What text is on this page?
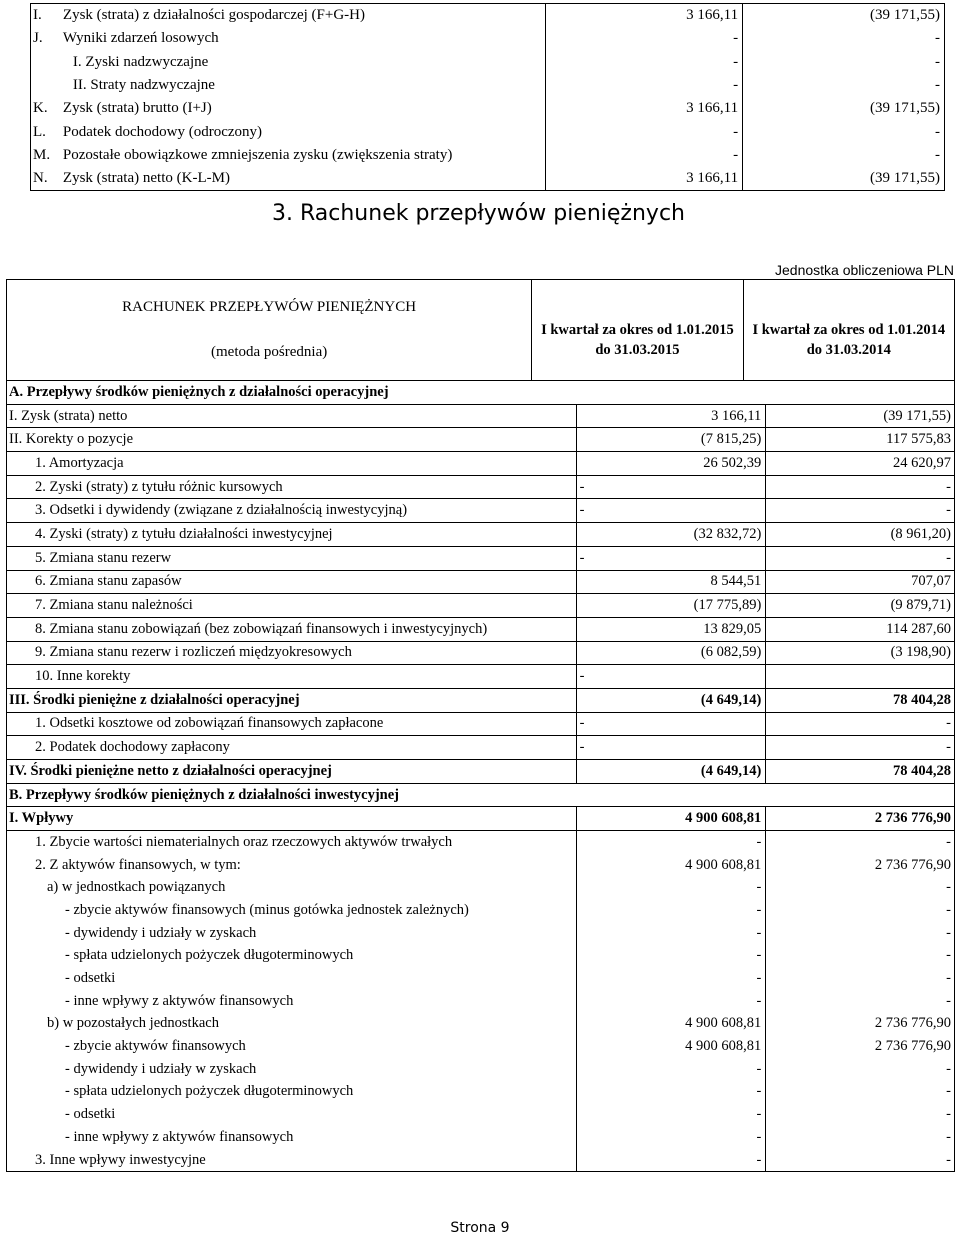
I.	Zysk (strata) z działalności gospodarczej (F+G-H)	3 166,11	(39 171,55)
J.	Wyniki zdarzeń losowych	-	-
	I. Zyski nadzwyczajne	-	-
	II. Straty nadzwyczajne	-	-
K.	Zysk (strata) brutto (I+J)	3 166,11	(39 171,55)
L.	Podatek dochodowy (odroczony)	-	-
M.	Pozostałe obowiązkowe zmniejszenia zysku (zwiększenia straty)	-	-
N.	Zysk (strata) netto (K-L-M)	3 166,11	(39 171,55)
3. Rachunek przepływów pieniężnych
Jednostka obliczeniowa PLN
RACHUNEK PRZEPŁYWÓW PIENIĘŻNYCH
(metoda pośrednia)

I kwartał za okres od 1.01.2015
do 31.03.2015

I kwartał za okres od 1.01.2014
do 31.03.2014
A. Przepływy środków pieniężnych z działalności operacyjnej		
I. Zysk (strata) netto	3 166,11	(39 171,55)
II. Korekty o pozycje	(7 815,25)	117 575,83
1. Amortyzacja	26 502,39	24 620,97
2. Zyski (straty) z tytułu różnic kursowych	-	-
3. Odsetki i dywidendy (związane z działalnością inwestycyjną)	-	-
4. Zyski (straty) z tytułu działalności inwestycyjnej	(32 832,72)	(8 961,20)
5. Zmiana stanu rezerw	-	-
6. Zmiana stanu zapasów	8 544,51	707,07
7. Zmiana stanu należności	(17 775,89)	(9 879,71)
8. Zmiana stanu zobowiązań (bez zobowiązań finansowych i inwestycyjnych)	13 829,05	114 287,60
9. Zmiana stanu rezerw i rozliczeń międzyokresowych	(6 082,59)	(3 198,90)
10. Inne korekty	-	
III. Środki pieniężne z działalności operacyjnej	(4 649,14)	78 404,28
1. Odsetki kosztowe od zobowiązań finansowych zapłacone	-	-
2. Podatek dochodowy zapłacony	-	-
IV. Środki pieniężne netto z działalności operacyjnej	(4 649,14)	78 404,28
B. Przepływy środków pieniężnych z działalności inwestycyjnej		
I. Wpływy	4 900 608,81	2 736 776,90
1. Zbycie wartości niematerialnych oraz rzeczowych aktywów trwałych	-	-
2. Z aktywów finansowych, w tym:	4 900 608,81	2 736 776,90
a) w jednostkach powiązanych	-	-
- zbycie aktywów finansowych (minus gotówka jednostek zależnych)	-	-
- dywidendy i udziały w zyskach	-	-
- spłata udzielonych pożyczek długoterminowych	-	-
- odsetki	-	-
- inne wpływy z aktywów finansowych	-	-
b) w pozostałych jednostkach	4 900 608,81	2 736 776,90
- zbycie aktywów finansowych	4 900 608,81	2 736 776,90
- dywidendy i udziały w zyskach	-	-
- spłata udzielonych pożyczek długoterminowych	-	-
- odsetki	-	-
- inne wpływy z aktywów finansowych	-	-
3. Inne wpływy inwestycyjne	-	-
Strona 9
